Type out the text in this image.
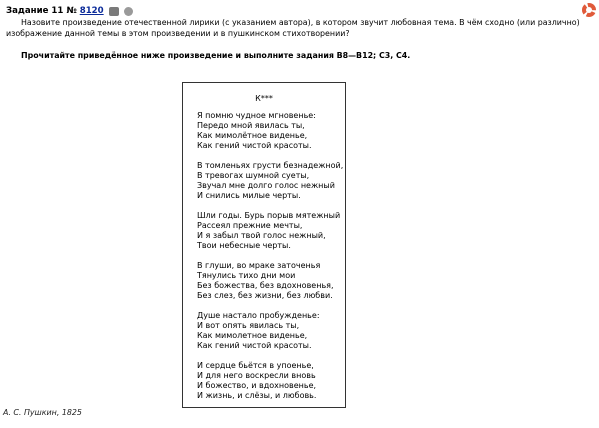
Задание 11 № 8120
Назовите произведение отечественной лирики (с указанием автора), в котором звучит любовная тема. В чём сходно (или различно) изображение данной темы в этом произведении и в пушкинском стихотворении?
Прочитайте приведённое ниже произведение и выполните задания B8—B12; C3, C4.
К***
Я помню чудное мгновенье:
Передо мной явилась ты,
Как мимолётное виденье,
Как гений чистой красоты.
В томленьях грусти безнадежной,
В тревогах шумной суеты,
Звучал мне долго голос нежный
И снились милые черты.
Шли годы. Бурь порыв мятежный
Рассеял прежние мечты,
И я забыл твой голос нежный,
Твои небесные черты.
В глуши, во мраке заточенья
Тянулись тихо дни мои
Без божества, без вдохновенья,
Без слез, без жизни, без любви.
Душе настало пробужденье:
И вот опять явилась ты,
Как мимолетное виденье,
Как гений чистой красоты.
И сердце бьётся в упоенье,
И для него воскресли вновь
И божество, и вдохновенье,
И жизнь, и слёзы, и любовь.
А. С. Пушкин, 1825
